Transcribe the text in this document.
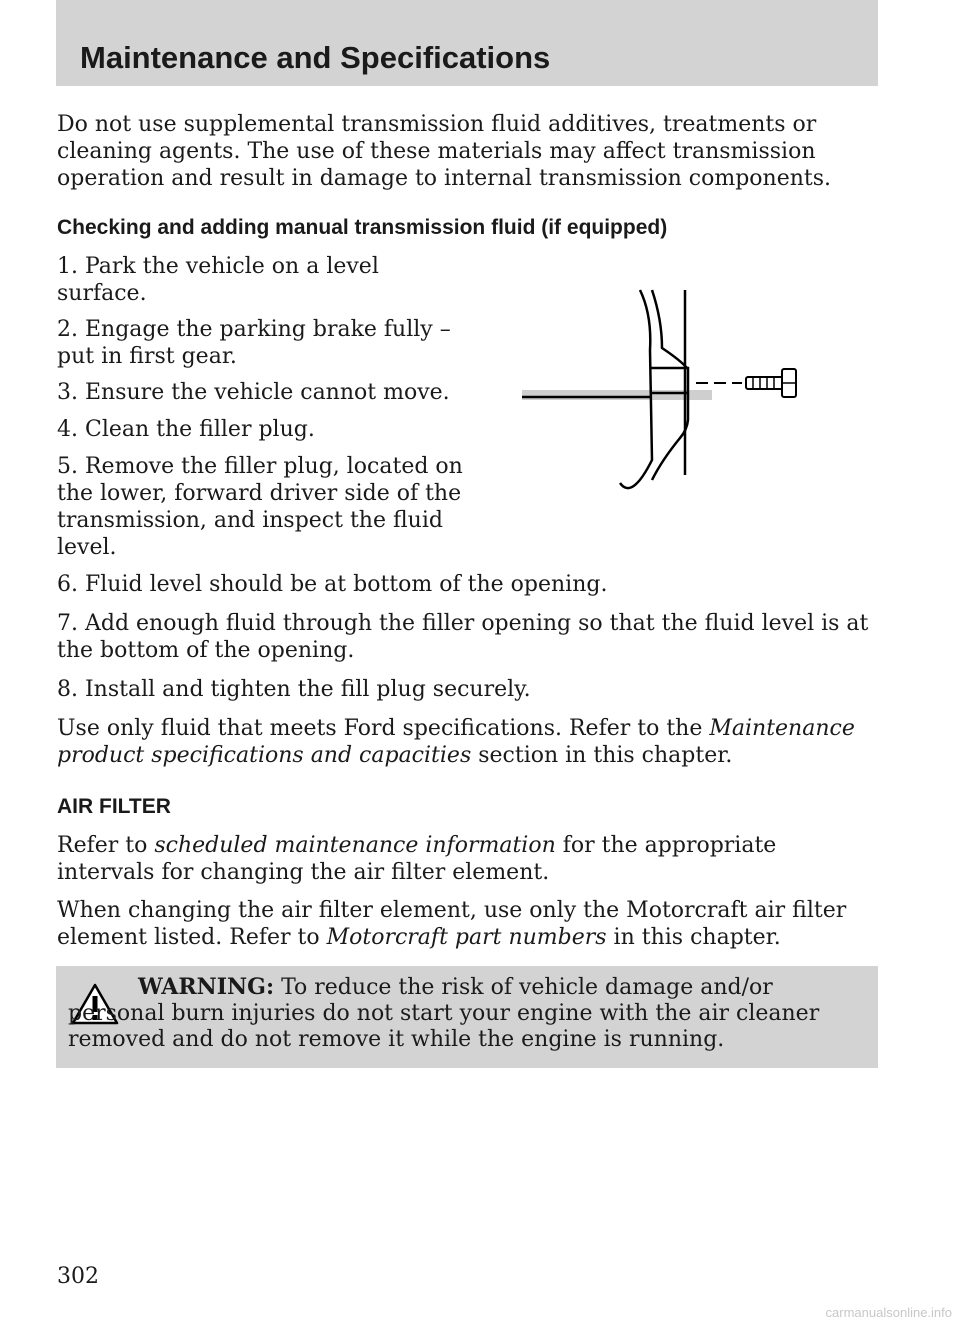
Maintenance and Specifications

Do not use supplemental transmission fluid additives, treatments or cleaning agents. The use of these materials may affect transmission operation and result in damage to internal transmission components.

Checking and adding manual transmission fluid (if equipped)

1. Park the vehicle on a level surface.

2. Engage the parking brake fully – put in first gear.

3. Ensure the vehicle cannot move.

4. Clean the filler plug.

5. Remove the filler plug, located on the lower, forward driver side of the transmission, and inspect the fluid level.

6. Fluid level should be at bottom of the opening.

7. Add enough fluid through the filler opening so that the fluid level is at the bottom of the opening.

8. Install and tighten the fill plug securely.

Use only fluid that meets Ford specifications. Refer to the Maintenance product specifications and capacities section in this chapter.

AIR FILTER

Refer to scheduled maintenance information for the appropriate intervals for changing the air filter element.

When changing the air filter element, use only the Motorcraft air filter element listed. Refer to Motorcraft part numbers in this chapter.

WARNING: To reduce the risk of vehicle damage and/or personal burn injuries do not start your engine with the air cleaner removed and do not remove it while the engine is running.

302

carmanualsonline.info
